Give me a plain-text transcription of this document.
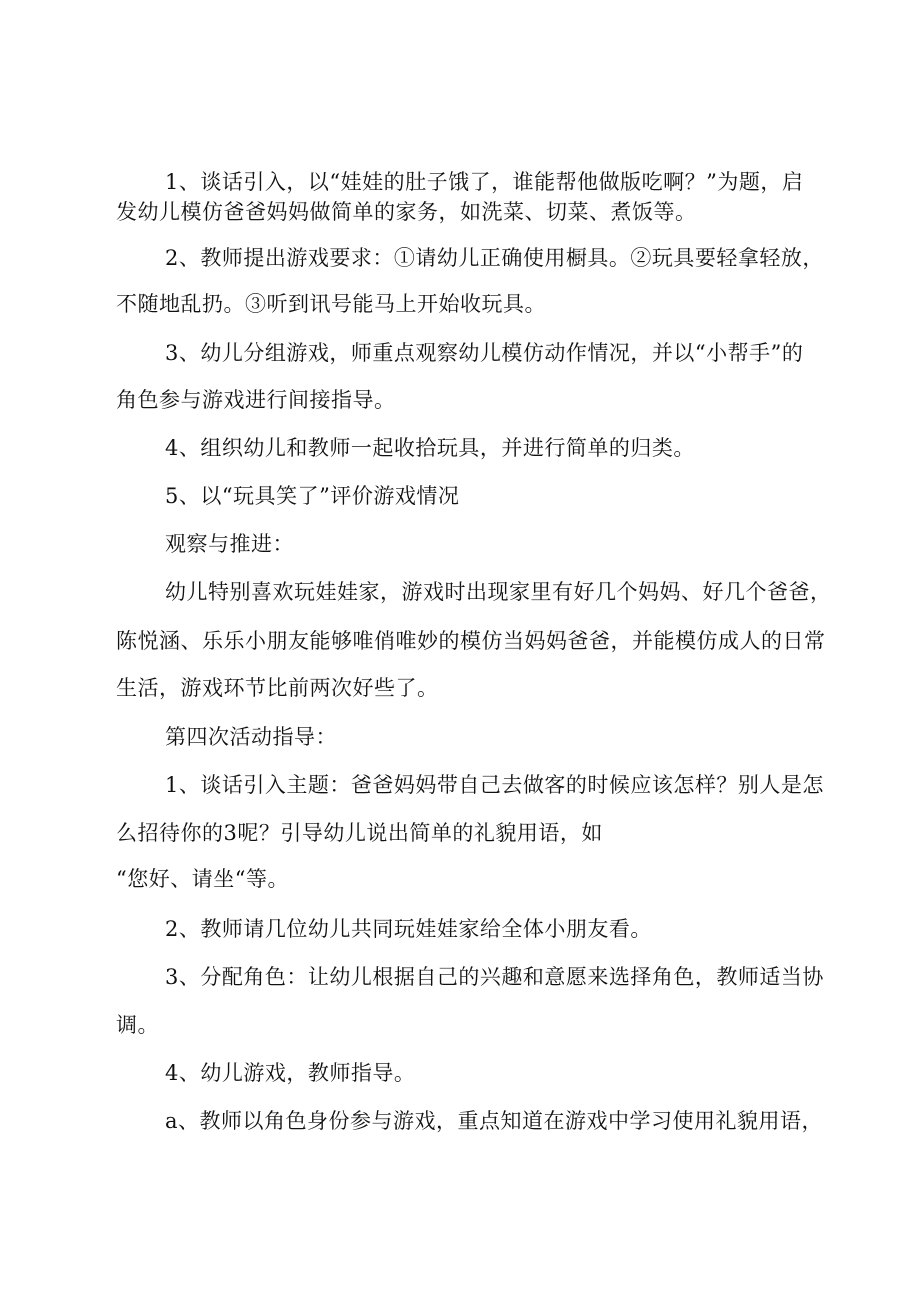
1、谈话引入，以“娃娃的肚子饿了，谁能帮他做版吃啊？”为题，启
发幼儿模仿爸爸妈妈做简单的家务，如洗菜、切菜、煮饭等。
2、教师提出游戏要求：①请幼儿正确使用橱具。②玩具要轻拿轻放，
不随地乱扔。③听到讯号能马上开始收玩具。
3、幼儿分组游戏，师重点观察幼儿模仿动作情况，并以“小帮手”的
角色参与游戏进行间接指导。
4、组织幼儿和教师一起收拾玩具，并进行简单的归类。
5、以“玩具笑了”评价游戏情况
观察与推进：
幼儿特别喜欢玩娃娃家，游戏时出现家里有好几个妈妈、好几个爸爸，
陈悦涵、乐乐小朋友能够唯俏唯妙的模仿当妈妈爸爸，并能模仿成人的日常
生活，游戏环节比前两次好些了。
第四次活动指导：
1、谈话引入主题：爸爸妈妈带自己去做客的时候应该怎样？别人是怎
么招待你的3呢？引导幼儿说出简单的礼貌用语，如
“您好、请坐“等。
2、教师请几位幼儿共同玩娃娃家给全体小朋友看。
3、分配角色：让幼儿根据自己的兴趣和意愿来选择角色，教师适当协
调。
4、幼儿游戏，教师指导。
a、教师以角色身份参与游戏，重点知道在游戏中学习使用礼貌用语，
